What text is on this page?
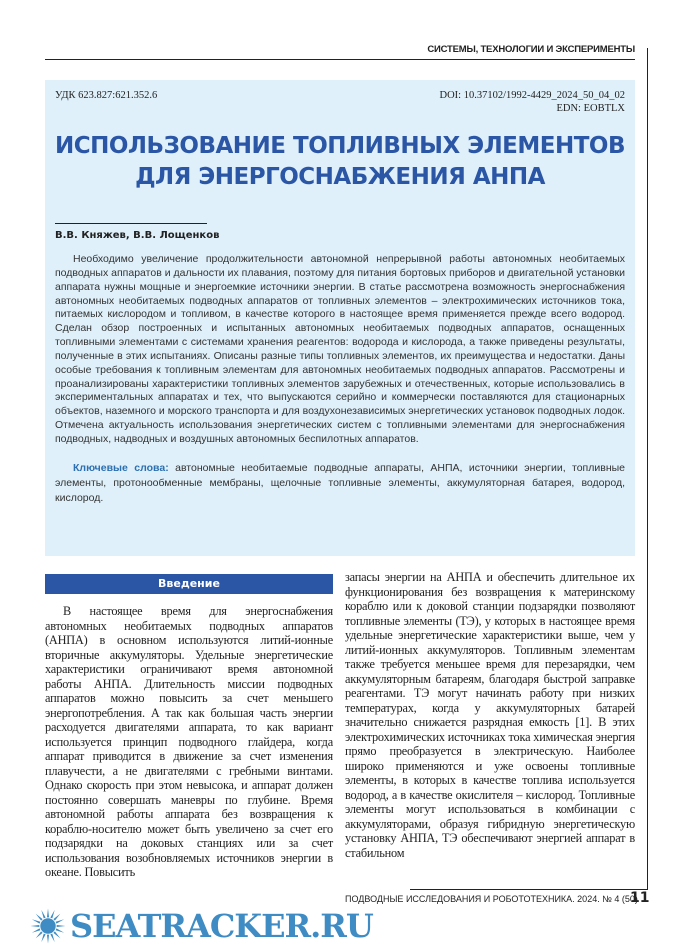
СИСТЕМЫ, ТЕХНОЛОГИИ И ЭКСПЕРИМЕНТЫ
УДК 623.827:621.352.6	DOI: 10.37102/1992-4429_2024_50_04_02
EDN: EOBTLX
ИСПОЛЬЗОВАНИЕ ТОПЛИВНЫХ ЭЛЕМЕНТОВ
ДЛЯ ЭНЕРГОСНАБЖЕНИЯ АНПА
В.В. Княжев, В.В. Лощенков
Необходимо увеличение продолжительности автономной непрерывной работы автономных необитаемых подводных аппаратов и дальности их плавания, поэтому для питания бортовых приборов и двигательной установки аппарата нужны мощные и энергоемкие источники энергии. В статье рассмотрена возможность энергоснабжения автономных необитаемых подводных аппаратов от топливных элементов – электрохимических источников тока, питаемых кислородом и топливом, в качестве которого в настоящее время применяется прежде всего водород. Сделан обзор построенных и испытанных автономных необитаемых подводных аппаратов, оснащенных топливными элементами с системами хранения реагентов: водорода и кислорода, а также приведены результаты, полученные в этих испытаниях. Описаны разные типы топливных элементов, их преимущества и недостатки. Даны особые требования к топливным элементам для автономных необитаемых подводных аппаратов. Рассмотрены и проанализированы характеристики топливных элементов зарубежных и отечественных, которые использовались в экспериментальных аппаратах и тех, что выпускаются серийно и коммерчески поставляются для стационарных объектов, наземного и морского транспорта и для воздухонезависимых энергетических установок подводных лодок. Отмечена актуальность использования энергетических систем с топливными элементами для энергоснабжения подводных, надводных и воздушных автономных беспилотных аппаратов.
Ключевые слова: автономные необитаемые подводные аппараты, АНПА, источники энергии, топливные элементы, протонообменные мембраны, щелочные топливные элементы, аккумуляторная батарея, водород, кислород.
Введение
В настоящее время для энергоснабжения автономных необитаемых подводных аппаратов (АНПА) в основном используются литий-ионные вторичные аккумуляторы. Удельные энергетические характеристики ограничивают время автономной работы АНПА. Длительность миссии подводных аппаратов можно повысить за счет меньшего энергопотребления. А так как большая часть энергии расходуется двигателями аппарата, то как вариант используется принцип подводного глайдера, когда аппарат приводится в движение за счет изменения плавучести, а не двигателями с гребными винтами. Однако скорость при этом невысока, и аппарат должен постоянно совершать маневры по глубине. Время автономной работы аппарата без возвращения к кораблю-носителю может быть увеличено за счет его подзарядки на доковых станциях или за счет использования возобновляемых источников энергии в океане. Повысить
запасы энергии на АНПА и обеспечить длительное их функционирования без возвращения к материнскому кораблю или к доковой станции подзарядки позволяют топливные элементы (ТЭ), у которых в настоящее время удельные энергетические характеристики выше, чем у литий-ионных аккумуляторов. Топливным элементам также требуется меньшее время для перезарядки, чем аккумуляторным батареям, благодаря быстрой заправке реагентами. ТЭ могут начинать работу при низких температурах, когда у аккумуляторных батарей значительно снижается разрядная емкость [1]. В этих электрохимических источниках тока химическая энергия прямо преобразуется в электрическую. Наиболее широко применяются и уже освоены топливные элементы, в которых в качестве топлива используется водород, а в качестве окислителя – кислород. Топливные элементы могут использоваться в комбинации с аккумуляторами, образуя гибридную энергетическую установку АНПА, ТЭ обеспечивают энергией аппарат в стабильном
ПОДВОДНЫЕ ИССЛЕДОВАНИЯ И РОБОТОТЕХНИКА. 2024. № 4 (50)
11
SEATRACKER.RU
